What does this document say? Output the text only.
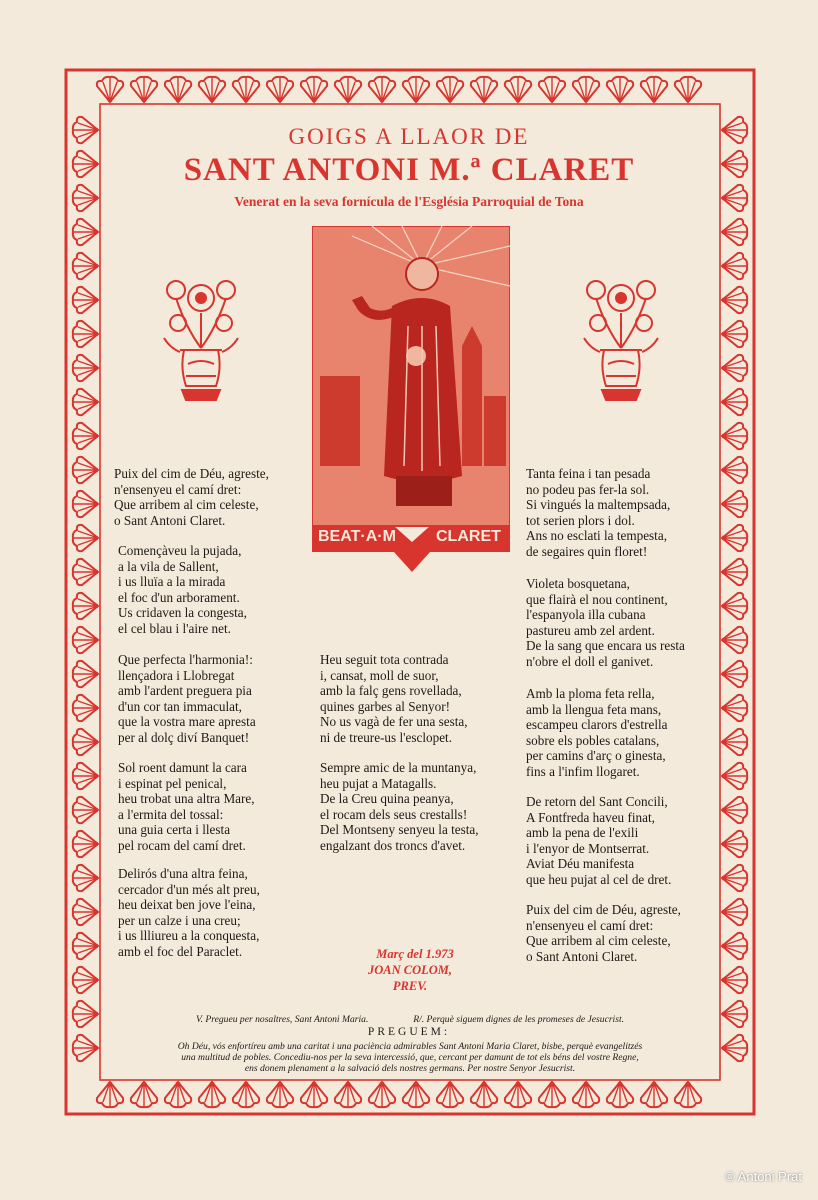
GOIGS A LLAOR DE
SANT ANTONI M.ª CLARET
Venerat en la seva fornícula de l'Església Parroquial de Tona
BEAT·A·M	CLARET
Puix del cim de Déu, agreste,
n'ensenyeu el camí dret:
Que arribem al cim celeste,
o Sant Antoni Claret.
Començàveu la pujada,
a la vila de Sallent,
i us lluïa a la mirada
el foc d'un arborament.
Us cridaven la congesta,
el cel blau i l'aire net.
Que perfecta l'harmonia!:
llençadora i Llobregat
amb l'ardent preguera pia
d'un cor tan immaculat,
que la vostra mare apresta
per al dolç diví Banquet!
Sol roent damunt la cara
i espinat pel penical,
heu trobat una altra Mare,
a l'ermita del tossal:
una guia certa i llesta
pel rocam del camí dret.
Delirós d'una altra feina,
cercador d'un més alt preu,
heu deixat ben jove l'eina,
per un calze i una creu;
i us llliureu a la conquesta,
amb el foc del Paraclet.
Heu seguit tota contrada
i, cansat, moll de suor,
amb la falç gens rovellada,
quines garbes al Senyor!
No us vagà de fer una sesta,
ni de treure-us l'esclopet.
Sempre amic de la muntanya,
heu pujat a Matagalls.
De la Creu quina peanya,
el rocam dels seus crestalls!
Del Montseny senyeu la testa,
engalzant dos troncs d'avet.
Tanta feina i tan pesada
no podeu pas fer-la sol.
Si vingués la maltempsada,
tot serien plors i dol.
Ans no esclati la tempesta,
de segaires quin floret!
Violeta bosquetana,
que flairà el nou continent,
l'espanyola illa cubana
pastureu amb zel ardent.
De la sang que encara us resta
n'obre el doll el ganivet.
Amb la ploma feta rella,
amb la llengua feta mans,
escampeu clarors d'estrella
sobre els pobles catalans,
per camins d'arç o ginesta,
fins a l'infim llogaret.
De retorn del Sant Concili,
A Fontfreda haveu finat,
amb la pena de l'exili
i l'enyor de Montserrat.
Aviat Déu manifesta
que heu pujat al cel de dret.
Puix del cim de Déu, agreste,
n'ensenyeu el camí dret:
Que arribem al cim celeste,
o Sant Antoni Claret.
Març del 1.973
JOAN COLOM, PREV.
V. Pregueu per nosaltres, Sant Antoni Maria.	R/. Perquè siguem dignes de les promeses de Jesucrist.
PREGUEM:
Oh Déu, vós enfortíreu amb una caritat i una paciència admirables Sant Antoni Maria Claret, bisbe, perquè evangelitzés
una multitud de pobles. Concediu-nos per la seva intercessió, que, cercant per damunt de tot els béns del vostre Regne,
ens donem plenament a la salvació dels nostres germans. Per nostre Senyor Jesucrist.
© Antoni Prat
